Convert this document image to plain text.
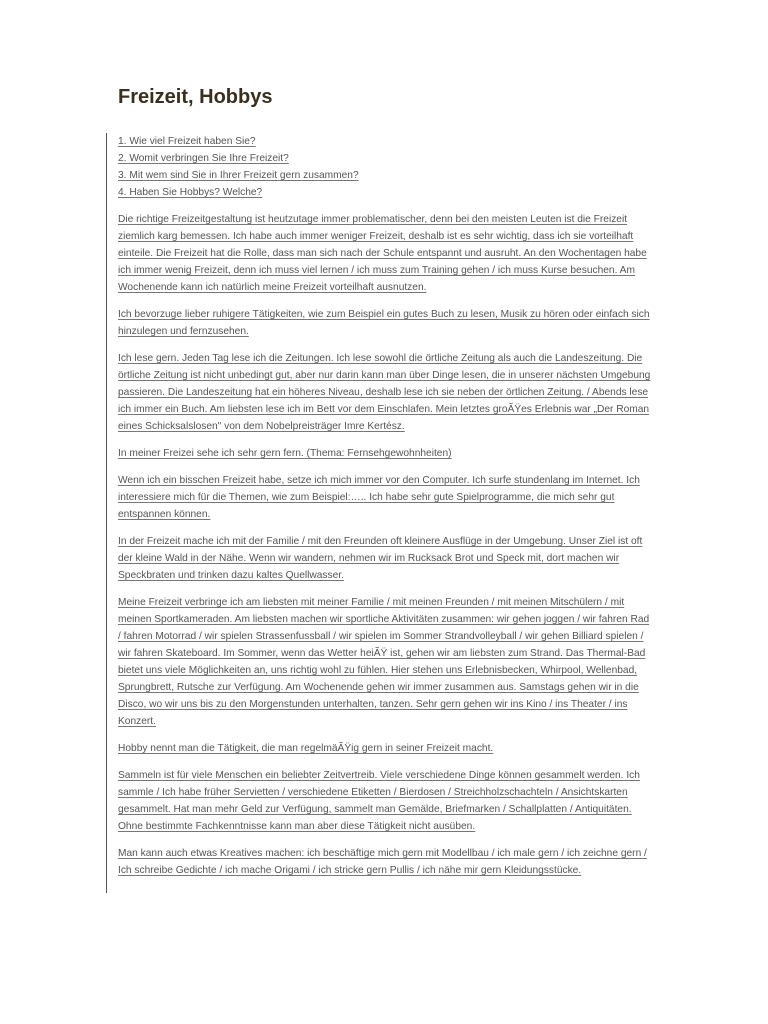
Freizeit, Hobbys

1. Wie viel Freizeit haben Sie?
2. Womit verbringen Sie Ihre Freizeit?
3. Mit wem sind Sie in Ihrer Freizeit gern zusammen?
4. Haben Sie Hobbys? Welche?

Die richtige Freizeitgestaltung ist heutzutage immer problematischer, denn bei den meisten Leuten ist die Freizeit ziemlich karg bemessen. Ich habe auch immer weniger Freizeit, deshalb ist es sehr wichtig, dass ich sie vorteilhaft einteile. Die Freizeit hat die Rolle, dass man sich nach der Schule entspannt und ausruht. An den Wochentagen habe ich immer wenig Freizeit, denn ich muss viel lernen / ich muss zum Training gehen / ich muss Kurse besuchen. Am Wochenende kann ich natürlich meine Freizeit vorteilhaft ausnutzen.

Ich bevorzuge lieber ruhigere Tätigkeiten, wie zum Beispiel ein gutes Buch zu lesen, Musik zu hören oder einfach sich hinzulegen und fernzusehen.

Ich lese gern. Jeden Tag lese ich die Zeitungen. Ich lese sowohl die örtliche Zeitung als auch die Landeszeitung. Die örtliche Zeitung ist nicht unbedingt gut, aber nur darin kann man über Dinge lesen, die in unserer nächsten Umgebung passieren. Die Landeszeitung hat ein höheres Niveau, deshalb lese ich sie neben der örtlichen Zeitung. / Abends lese ich immer ein Buch. Am liebsten lese ich im Bett vor dem Einschlafen. Mein letztes groÃŸes Erlebnis war „Der Roman eines Schicksalslosen" von dem Nobelpreisträger Imre Kertész.

In meiner Freizei sehe ich sehr gern fern. (Thema: Fernsehgewohnheiten)

Wenn ich ein bisschen Freizeit habe, setze ich mich immer vor den Computer. Ich surfe stundenlang im Internet. Ich interessiere mich für die Themen, wie zum Beispiel:….. Ich habe sehr gute Spielprogramme, die mich sehr gut entspannen können.

In der Freizeit mache ich mit der Familie / mit den Freunden oft kleinere Ausflüge in der Umgebung. Unser Ziel ist oft der kleine Wald in der Nähe. Wenn wir wandern, nehmen wir im Rucksack Brot und Speck mit, dort machen wir Speckbraten und trinken dazu kaltes Quellwasser.

Meine Freizeit verbringe ich am liebsten mit meiner Familie / mit meinen Freunden / mit meinen Mitschülern / mit meinen Sportkameraden. Am liebsten machen wir sportliche Aktivitäten zusammen: wir gehen joggen / wir fahren Rad / fahren Motorrad / wir spielen Strassenfussball / wir spielen im Sommer Strandvolleyball / wir gehen Billiard spielen / wir fahren Skateboard. Im Sommer, wenn das Wetter heiÃŸ ist, gehen wir am liebsten zum Strand. Das Thermal-Bad bietet uns viele Möglichkeiten an, uns richtig wohl zu fühlen. Hier stehen uns Erlebnisbecken, Whirpool, Wellenbad, Sprungbrett, Rutsche zur Verfügung. Am Wochenende gehen wir immer zusammen aus. Samstags gehen wir in die Disco, wo wir uns bis zu den Morgenstunden unterhalten, tanzen. Sehr gern gehen wir ins Kino / ins Theater / ins Konzert.

Hobby nennt man die Tätigkeit, die man regelmäÃŸig gern in seiner Freizeit macht.

Sammeln ist für viele Menschen ein beliebter Zeitvertreib. Viele verschiedene Dinge können gesammelt werden. Ich sammle / Ich habe früher Servietten / verschiedene Etiketten / Bierdosen / Streichholzschachteln / Ansichtskarten gesammelt. Hat man mehr Geld zur Verfügung, sammelt man Gemälde, Briefmarken / Schallplatten / Antiquitäten. Ohne bestimmte Fachkenntnisse kann man aber diese Tätigkeit nicht ausüben.

Man kann auch etwas Kreatives machen: ich beschäftige mich gern mit Modellbau / ich male gern / ich zeichne gern / Ich schreibe Gedichte / ich mache Origami / ich stricke gern Pullis / ich nähe mir gern Kleidungsstücke.
